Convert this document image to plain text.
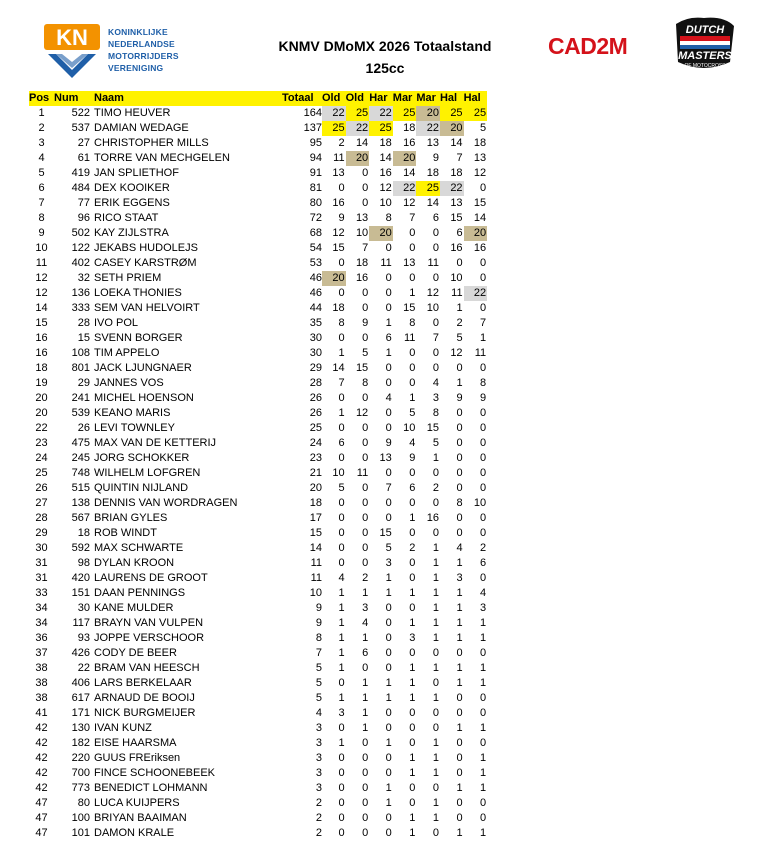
KN KONINKLIJKE
NEDERLANDSE
MOTORRIJDERS
VERENIGING
KNMV DMoMX 2026 Totaalstand
125cc
CAD2M
DUTCH
MASTERS
OF MOTOCROSS
Pos	Num	Naam	Totaal	Old	Old	Har	Mar	Mar	Hal	Hal
1	522	TIMO HEUVER	164	22	25	22	25	20	25	25
2	537	DAMIAN WEDAGE	137	25	22	25	18	22	20	5
3	27	CHRISTOPHER MILLS	95	2	14	18	16	13	14	18
4	61	TORRE VAN MECHGELEN	94	11	20	14	20	9	7	13
5	419	JAN SPLIETHOF	91	13	0	16	14	18	18	12
6	484	DEX KOOIKER	81	0	0	12	22	25	22	0
7	77	ERIK EGGENS	80	16	0	10	12	14	13	15
8	96	RICO STAAT	72	9	13	8	7	6	15	14
9	502	KAY ZIJLSTRA	68	12	10	20	0	0	6	20
10	122	JEKABS HUDOLEJS	54	15	7	0	0	0	16	16
11	402	CASEY KARSTRØM	53	0	18	11	13	11	0	0
12	32	SETH PRIEM	46	20	16	0	0	0	10	0
12	136	LOEKA THONIES	46	0	0	0	1	12	11	22
14	333	SEM VAN HELVOIRT	44	18	0	0	15	10	1	0
15	28	IVO POL	35	8	9	1	8	0	2	7
16	15	SVENN BORGER	30	0	0	6	11	7	5	1
16	108	TIM APPELO	30	1	5	1	0	0	12	11
18	801	JACK LJUNGNAER	29	14	15	0	0	0	0	0
19	29	JANNES VOS	28	7	8	0	0	4	1	8
20	241	MICHEL HOENSON	26	0	0	4	1	3	9	9
20	539	KEANO MARIS	26	1	12	0	5	8	0	0
22	26	LEVI TOWNLEY	25	0	0	0	10	15	0	0
23	475	MAX VAN DE KETTERIJ	24	6	0	9	4	5	0	0
24	245	JORG SCHOKKER	23	0	0	13	9	1	0	0
25	748	WILHELM LOFGREN	21	10	11	0	0	0	0	0
26	515	QUINTIN NIJLAND	20	5	0	7	6	2	0	0
27	138	DENNIS VAN WORDRAGEN	18	0	0	0	0	0	8	10
28	567	BRIAN GYLES	17	0	0	0	1	16	0	0
29	18	ROB WINDT	15	0	0	15	0	0	0	0
30	592	MAX SCHWARTE	14	0	0	5	2	1	4	2
31	98	DYLAN KROON	11	0	0	3	0	1	1	6
31	420	LAURENS DE GROOT	11	4	2	1	0	1	3	0
33	151	DAAN PENNINGS	10	1	1	1	1	1	1	4
34	30	KANE MULDER	9	1	3	0	0	1	1	3
34	117	BRAYN VAN VULPEN	9	1	4	0	1	1	1	1
36	93	JOPPE VERSCHOOR	8	1	1	0	3	1	1	1
37	426	CODY DE BEER	7	1	6	0	0	0	0	0
38	22	BRAM VAN HEESCH	5	1	0	0	1	1	1	1
38	406	LARS BERKELAAR	5	0	1	1	1	0	1	1
38	617	ARNAUD DE BOOIJ	5	1	1	1	1	1	0	0
41	171	NICK BURGMEIJER	4	3	1	0	0	0	0	0
42	130	IVAN KUNZ	3	0	1	0	0	0	1	1
42	182	EISE HAARSMA	3	1	0	1	0	1	0	0
42	220	GUUS FREriksen	3	0	0	0	1	1	0	1
42	700	FINCE SCHOONEBEEK	3	0	0	0	1	1	0	1
42	773	BENEDICT LOHMANN	3	0	0	1	0	0	1	1
47	80	LUCA KUIJPERS	2	0	0	1	0	1	0	0
47	100	BRIYAN BAAIMAN	2	0	0	0	1	1	0	0
47	101	DAMON KRALE	2	0	0	0	1	0	1	1
